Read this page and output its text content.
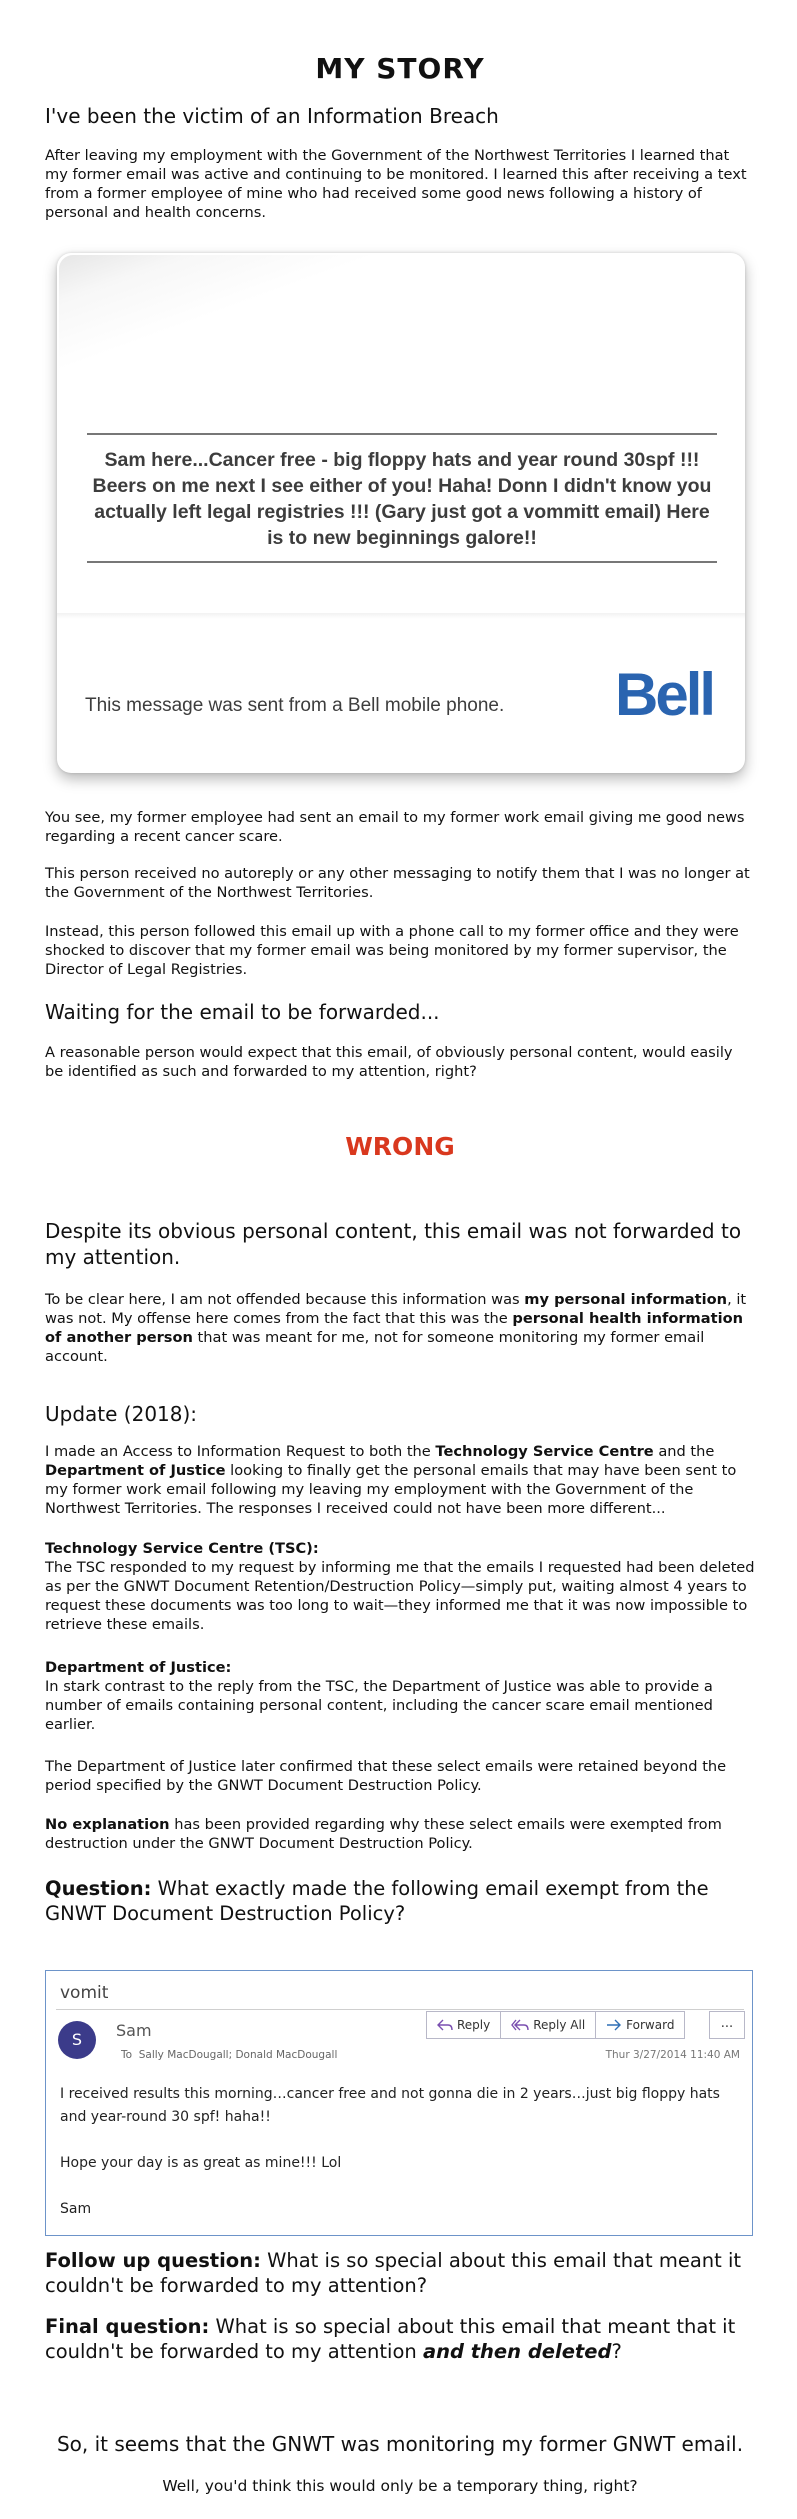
MY STORY
I've been the victim of an Information Breach

After leaving my employment with the Government of the Northwest Territories I learned that my former email was active and continuing to be monitored. I learned this after receiving a text from a former employee of mine who had received some good news following a history of personal and health concerns.

Sam here...Cancer free - big floppy hats and year round 30spf !!! Beers on me next I see either of you! Haha! Donn I didn't know you actually left legal registries !!! (Gary just got a vommitt email) Here is to new beginnings galore!!
This message was sent from a Bell mobile phone. Bell

You see, my former employee had sent an email to my former work email giving me good news regarding a recent cancer scare.

This person received no autoreply or any other messaging to notify them that I was no longer at the Government of the Northwest Territories.

Instead, this person followed this email up with a phone call to my former office and they were shocked to discover that my former email was being monitored by my former supervisor, the Director of Legal Registries.

Waiting for the email to be forwarded...

A reasonable person would expect that this email, of obviously personal content, would easily be identified as such and forwarded to my attention, right?

WRONG
Despite its obvious personal content, this email was not forwarded to my attention.

To be clear here, I am not offended because this information was my personal information, it was not. My offense here comes from the fact that this was the personal health information of another person that was meant for me, not for someone monitoring my former email account.

Update (2018):

I made an Access to Information Request to both the Technology Service Centre and the Department of Justice looking to finally get the personal emails that may have been sent to my former work email following my leaving my employment with the Government of the Northwest Territories. The responses I received could not have been more different...

Technology Service Centre (TSC):
The TSC responded to my request by informing me that the emails I requested had been deleted as per the GNWT Document Retention/Destruction Policy—simply put, waiting almost 4 years to request these documents was too long to wait—they informed me that it was now impossible to retrieve these emails.

Department of Justice:
In stark contrast to the reply from the TSC, the Department of Justice was able to provide a number of emails containing personal content, including the cancer scare email mentioned earlier.

The Department of Justice later confirmed that these select emails were retained beyond the period specified by the GNWT Document Destruction Policy.

No explanation has been provided regarding why these select emails were exempted from destruction under the GNWT Document Destruction Policy.

Question: What exactly made the following email exempt from the GNWT Document Destruction Policy?

vomit
S	Sam
To Sally MacDougall; Donald MacDougall
Reply	Reply All	Forward	...
Thur 3/27/2014 11:40 AM

I received results this morning…cancer free and not gonna die in 2 years…just big floppy hats and year-round 30 spf! haha!!

Hope your day is as great as mine!!! Lol

Sam

Follow up question: What is so special about this email that meant it couldn't be forwarded to my attention?

Final question: What is so special about this email that meant that it couldn't be forwarded to my attention and then deleted?

So, it seems that the GNWT was monitoring my former GNWT email.

Well, you'd think this would only be a temporary thing, right?
